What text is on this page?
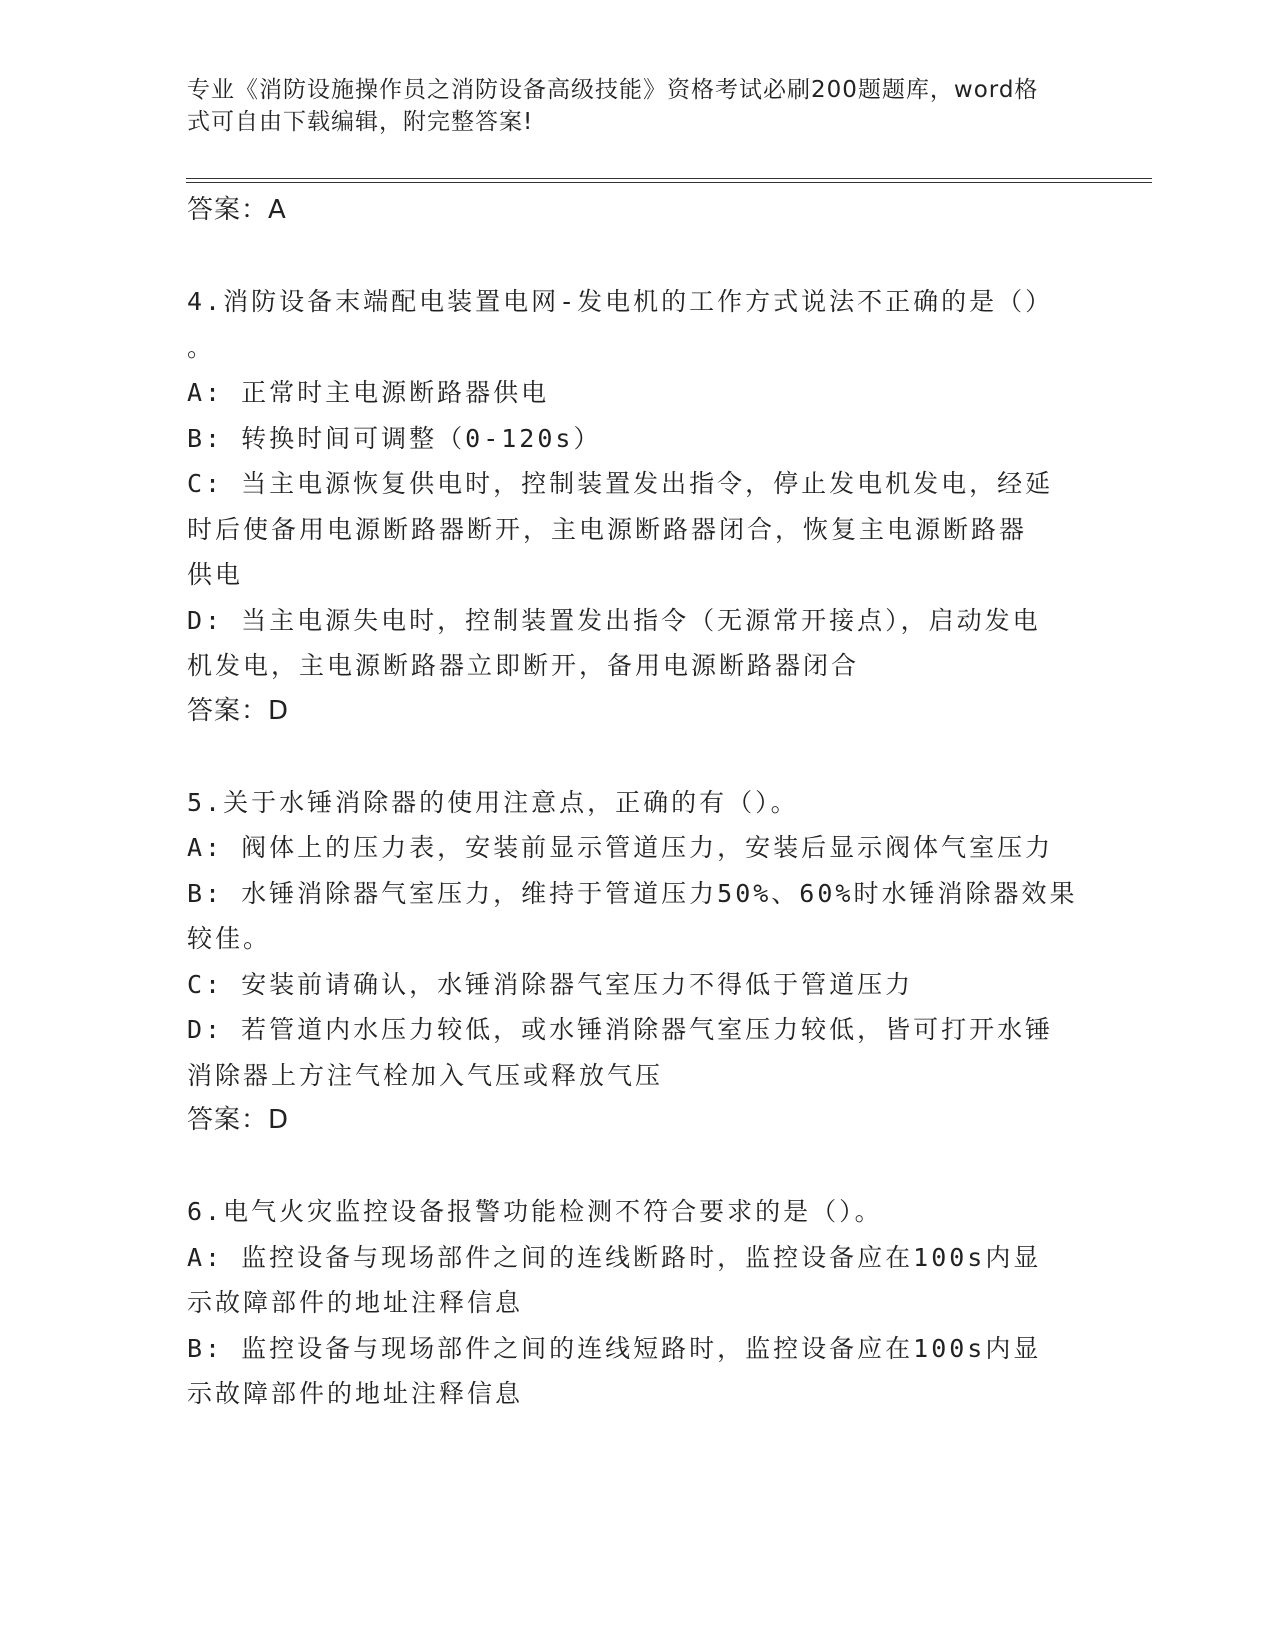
专业《消防设施操作员之消防设备高级技能》资格考试必刷200题题库，word格
式可自由下载编辑，附完整答案!
答案：A
4.消防设备末端配电装置电网-发电机的工作方式说法不正确的是（）
。
A: 正常时主电源断路器供电
B: 转换时间可调整（0-120s）
C: 当主电源恢复供电时，控制装置发出指令，停止发电机发电，经延
时后使备用电源断路器断开，主电源断路器闭合，恢复主电源断路器
供电
D: 当主电源失电时，控制装置发出指令（无源常开接点），启动发电
机发电，主电源断路器立即断开，备用电源断路器闭合
答案：D
5.关于水锤消除器的使用注意点，正确的有（）。
A: 阀体上的压力表，安装前显示管道压力，安装后显示阀体气室压力
B: 水锤消除器气室压力，维持于管道压力50%、60%时水锤消除器效果
较佳。
C: 安装前请确认，水锤消除器气室压力不得低于管道压力
D: 若管道内水压力较低，或水锤消除器气室压力较低，皆可打开水锤
消除器上方注气栓加入气压或释放气压
答案：D
6.电气火灾监控设备报警功能检测不符合要求的是（）。
A: 监控设备与现场部件之间的连线断路时，监控设备应在100s内显
示故障部件的地址注释信息
B: 监控设备与现场部件之间的连线短路时，监控设备应在100s内显
示故障部件的地址注释信息
